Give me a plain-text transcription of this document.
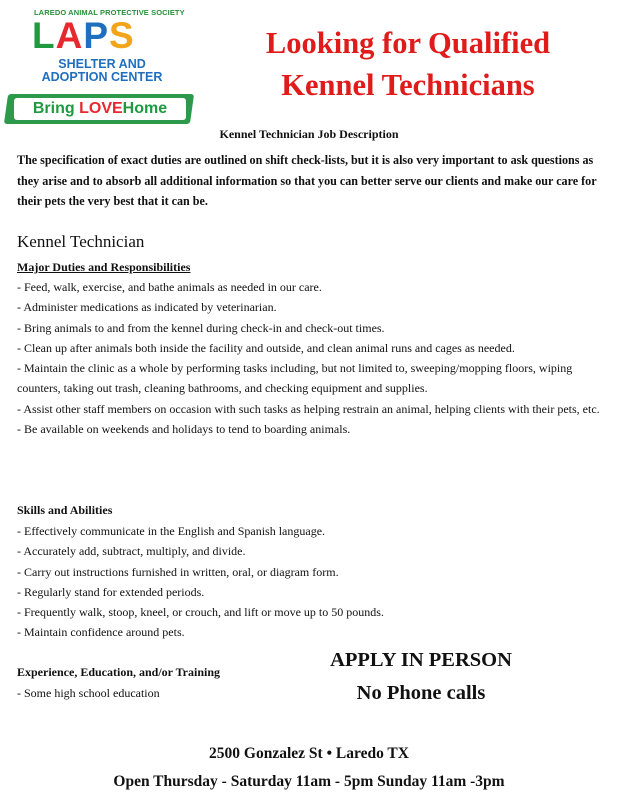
LAREDO ANIMAL PROTECTIVE SOCIETY
LAPS
SHELTER AND
ADOPTION CENTER
Bring LOVEHome
Looking for Qualified
Kennel Technicians
Kennel Technician Job Description

The specification of exact duties are outlined on shift check-lists, but it is also very important to ask questions as they arise and to absorb all additional information so that you can better serve our clients and make our care for their pets the very best that it can be.

Kennel Technician
Major Duties and Responsibilities
- Feed, walk, exercise, and bathe animals as needed in our care.
- Administer medications as indicated by veterinarian.
- Bring animals to and from the kennel during check-in and check-out times.
- Clean up after animals both inside the facility and outside, and clean animal runs and cages as needed.
- Maintain the clinic as a whole by performing tasks including, but not limited to, sweeping/mopping floors, wiping counters, taking out trash, cleaning bathrooms, and checking equipment and supplies.
- Assist other staff members on occasion with such tasks as helping restrain an animal, helping clients with their pets, etc.
- Be available on weekends and holidays to tend to boarding animals.
Skills and Abilities
- Effectively communicate in the English and Spanish language.
- Accurately add, subtract, multiply, and divide.
- Carry out instructions furnished in written, oral, or diagram form.
- Regularly stand for extended periods.
- Frequently walk, stoop, kneel, or crouch, and lift or move up to 50 pounds.
- Maintain confidence around pets.
Experience, Education, and/or Training
- Some high school education
APPLY IN PERSON
No Phone calls
2500 Gonzalez St • Laredo TX
Open Thursday - Saturday 11am - 5pm Sunday 11am -3pm
